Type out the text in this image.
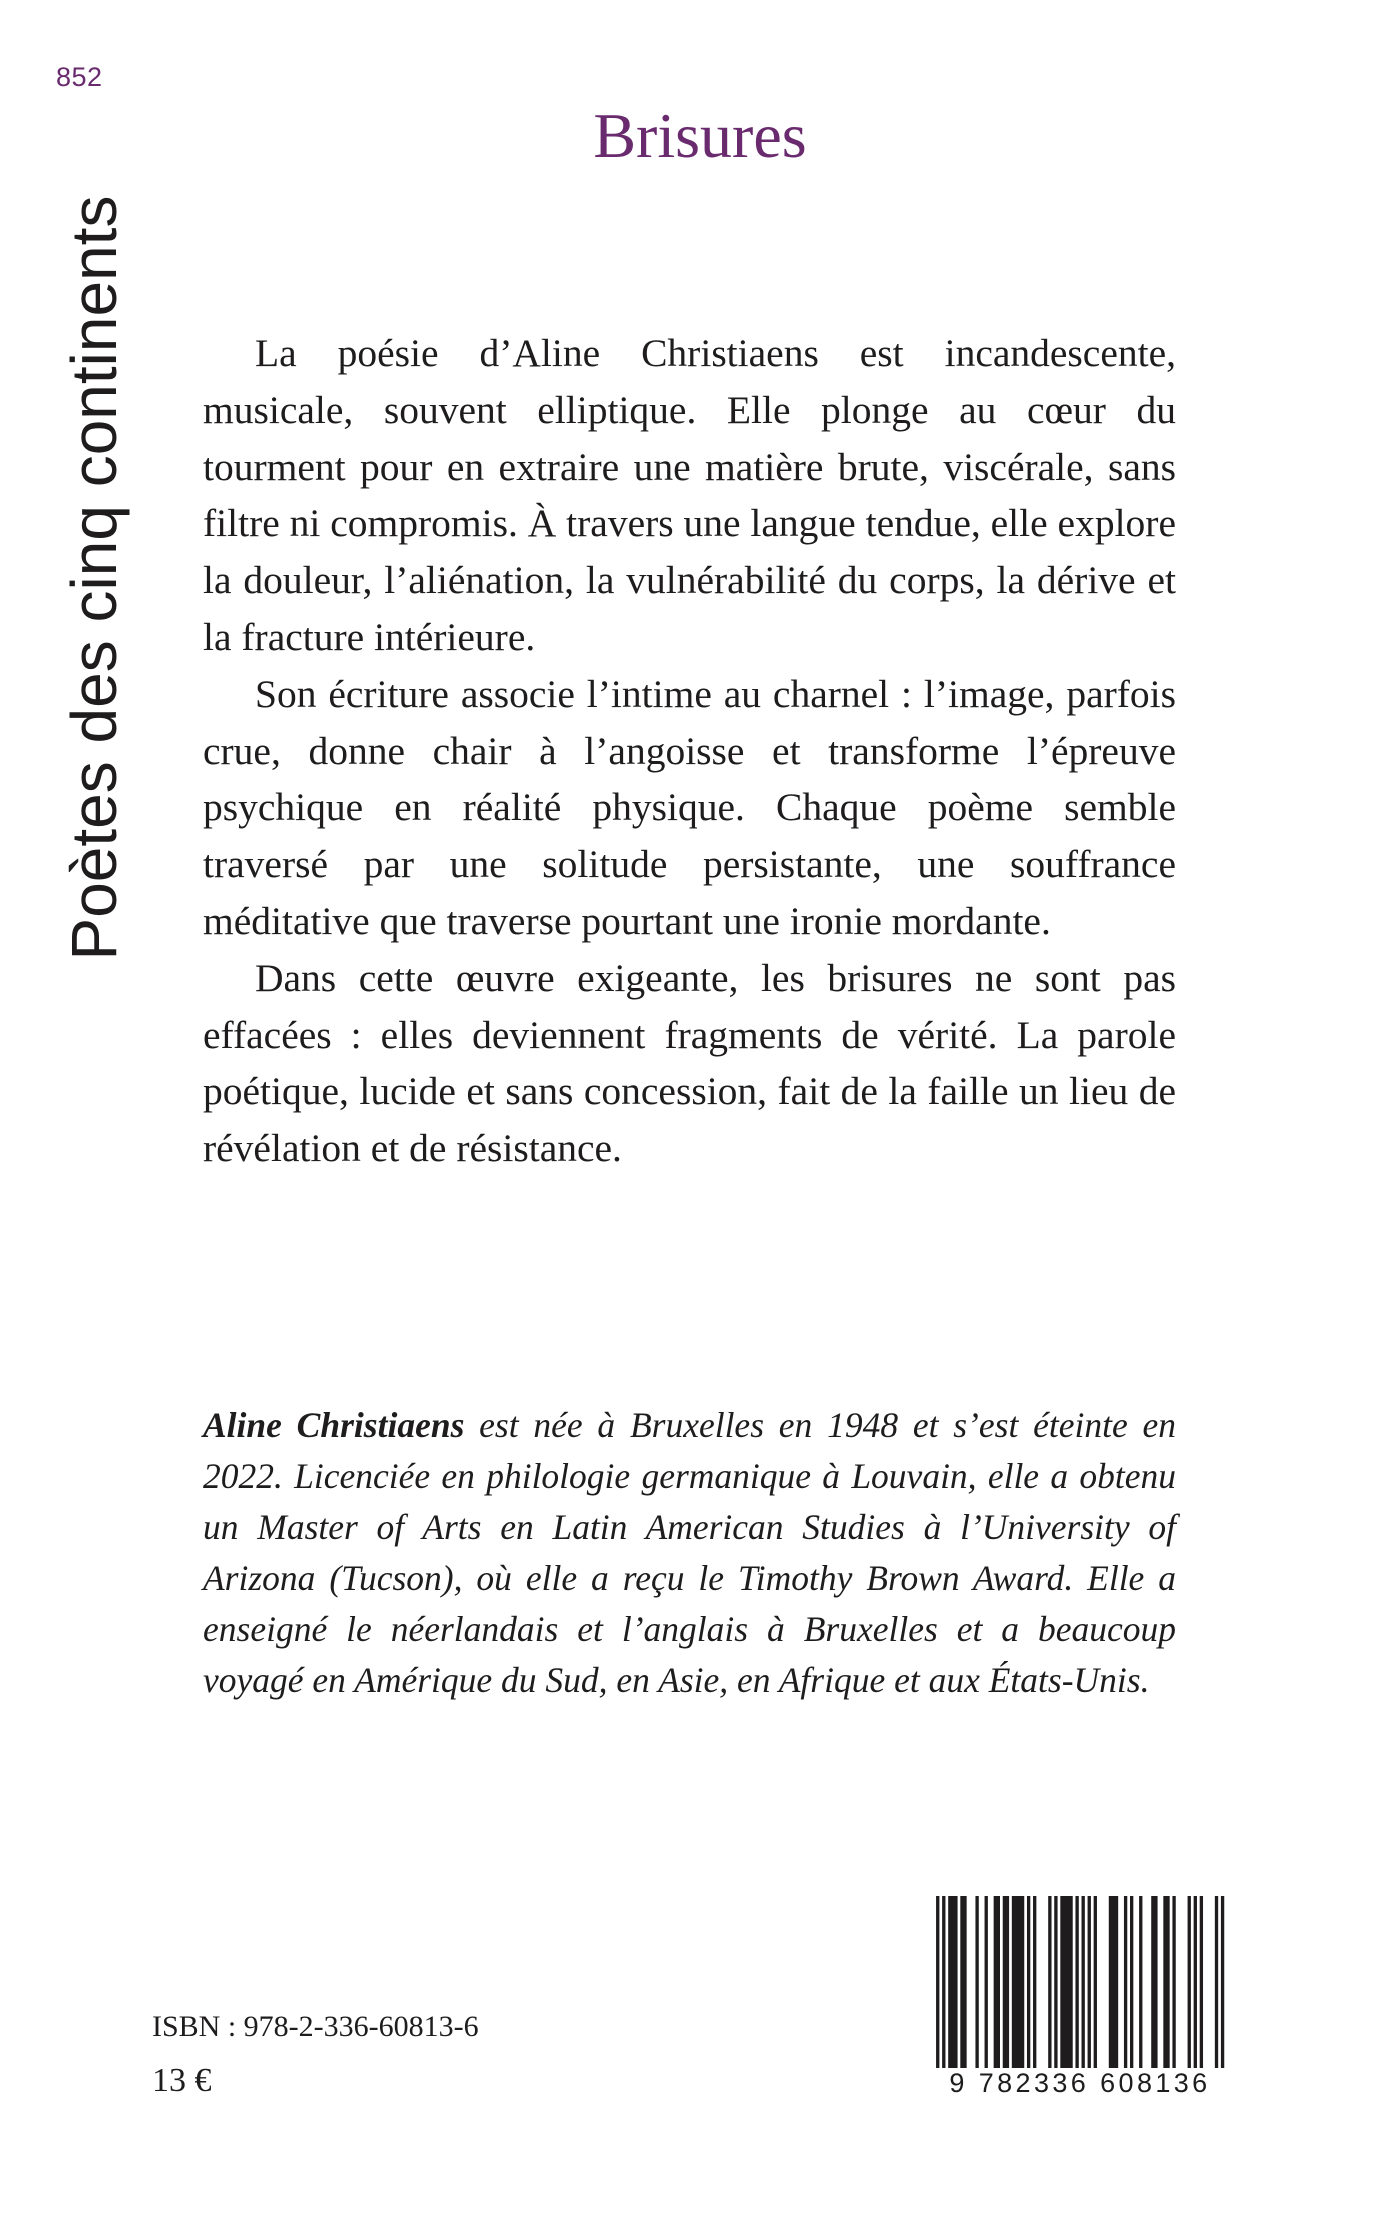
852
Poètes des cinq continents
Brisures

La poésie d’Aline Christiaens est incandescente, musicale, souvent elliptique. Elle plonge au cœur du tourment pour en extraire une matière brute, viscérale, sans filtre ni compromis. À travers une langue tendue, elle explore la douleur, l’aliénation, la vulnérabilité du corps, la dérive et la fracture intérieure.

Son écriture associe l’intime au charnel : l’image, parfois crue, donne chair à l’angoisse et transforme l’épreuve psychique en réalité physique. Chaque poème semble traversé par une solitude persistante, une souffrance méditative que traverse pourtant une ironie mordante.

Dans cette œuvre exigeante, les brisures ne sont pas effacées : elles deviennent fragments de vérité. La parole poétique, lucide et sans concession, fait de la faille un lieu de révélation et de résistance.

Aline Christiaens est née à Bruxelles en 1948 et s’est éteinte en 2022. Licenciée en philologie germanique à Louvain, elle a obtenu un Master of Arts en Latin American Studies à l’University of Arizona (Tucson), où elle a reçu le Timothy Brown Award. Elle a enseigné le néerlandais et l’anglais à Bruxelles et a beaucoup voyagé en Amérique du Sud, en Asie, en Afrique et aux États-Unis.

ISBN : 978-2-336-60813-6
13 €	9 782336 608136
